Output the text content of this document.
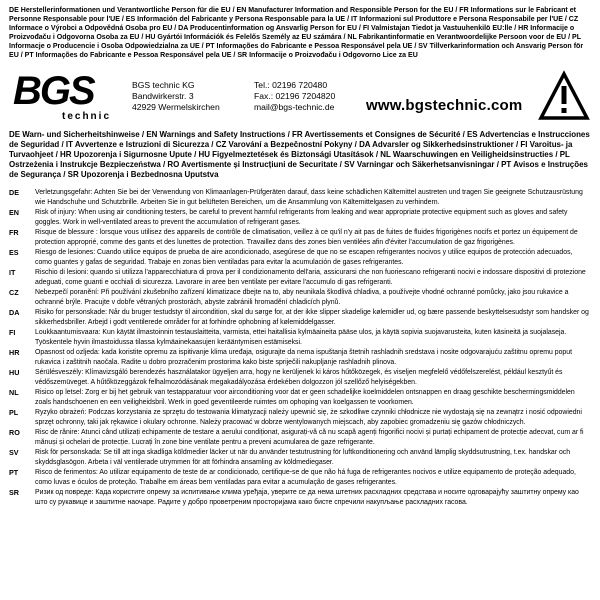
DE Herstellerinformationen und Verantwortliche Person für die EU / EN Manufacturer Information and Responsible Person for the EU / FR Informations sur le Fabricant et Personne Responsable pour l'UE / ES Información del Fabricante y Persona Responsable para la UE / IT Informazioni sul Produttore e Persona Responsabile per l'UE / CZ Informace o Výrobci a Odpovědná Osoba pro EU / DA Producentinformation og Ansvarlig Person for EU / FI Valmistajan Tiedot ja Vastuuhenkilö EU:lle / HR Informacije o Proizvođaču i Odgovorna Osoba za EU / HU Gyártói Információk és Felelős Személy az EU számára / NL Fabrikantinformatie en Verantwoordelijke Persoon voor de EU / PL Informacje o Producencie i Osoba Odpowiedzialna za UE / PT Informações do Fabricante e Pessoa Responsável pela UE / SV Tillverkarinformation och Ansvarig Person för EU / PT Informações do Fabricante e Pessoa Responsável pela UE / SR Informacije o Proizvođaču i Odgovorno Lice za EU
BGS
technic
BGS technic KG
Bandwirkerstr. 3
42929 Wermelskirchen
Tel.: 02196 720480
Fax.: 02196 7204820
mail@bgs-technic.de www.bgstechnic.com
DE Warn- und Sicherheitshinweise / EN Warnings and Safety Instructions / FR Avertissements et Consignes de Sécurité / ES Advertencias e Instrucciones de Seguridad / IT Avvertenze e Istruzioni di Sicurezza / CZ Varování a Bezpečnostní Pokyny / DA Advarsler og Sikkerhedsinstruktioner / FI Varoitus- ja Turvaohjeet / HR Upozorenja i Sigurnosne Upute / HU Figyelmeztetések és Biztonsági Utasítások / NL Waarschuwingen en Veiligheidsinstructies / PL Ostrzeżenia i Instrukcje Bezpieczeństwa / RO Avertismente și Instrucțiuni de Securitate / SV Varningar och Säkerhetsanvisningar / PT Avisos e Instruções de Segurança / SR Upozorenja i Bezbednosna Uputstva
DE	Verletzungsgefahr: Achten Sie bei der Verwendung von Klimaanlagen-Prüfgeräten darauf, dass keine schädlichen Kältemittel austreten und tragen Sie geeignete Schutzausrüstung wie Handschuhe und Schutzbrille. Arbeiten Sie in gut belüfteten Bereichen, um die Ansammlung von Kältemittelgasen zu verhindern.
EN	Risk of injury: When using air conditioning testers, be careful to prevent harmful refrigerants from leaking and wear appropriate protective equipment such as gloves and safety goggles. Work in well-ventilated areas to prevent the accumulation of refrigerant gases.
FR	Risque de blessure : lorsque vous utilisez des appareils de contrôle de climatisation, veillez à ce qu'il n'y ait pas de fuites de fluides frigorigènes nocifs et portez un équipement de protection approprié, comme des gants et des lunettes de protection. Travaillez dans des zones bien ventilées afin d'éviter l'accumulation de gaz frigorigènes.
ES	Riesgo de lesiones: Cuando utilice equipos de prueba de aire acondicionado, asegúrese de que no se escapen refrigerantes nocivos y utilice equipos de protección adecuados, como guantes y gafas de seguridad. Trabaje en zonas bien ventiladas para evitar la acumulación de gases refrigerantes.
IT	Rischio di lesioni: quando si utilizza l'apparecchiatura di prova per il condizionamento dell'aria, assicurarsi che non fuoriescano refrigeranti nocivi e indossare dispositivi di protezione adeguati, come guanti e occhiali di sicurezza. Lavorare in aree ben ventilate per evitare l'accumulo di gas refrigeranti.
CZ	Nebezpečí poranění: Při používání zkušebního zařízení klimatizace dbejte na to, aby neunikala škodlivá chladiva, a používejte vhodné ochranné pomůcky, jako jsou rukavice a ochranné brýle. Pracujte v dobře větraných prostorách, abyste zabránili hromadění chladicích plynů.
DA	Risiko for personskade: Når du bruger testudstyr til aircondition, skal du sørge for, at der ikke slipper skadelige kølemidler ud, og bære passende beskyttelsesudstyr som handsker og sikkerhedsbriller. Arbejd i godt ventilerede områder for at forhindre ophobning af kølemiddelgasser.
FI	Loukkaantumisvaara: Kun käytät ilmastoinnin testauslaitteita, varmista, ettei haitallisia kylmäaineita pääse ulos, ja käytä sopivia suojavarusteita, kuten käsineitä ja suojalaseja. Työskentele hyvin ilmastoidussa tilassa kylmäainekaasujen kerääntymisen estämiseksi.
HR	Opasnost od ozljeda: kada koristite opremu za ispitivanje klima uređaja, osigurajte da nema ispuštanja štetnih rashladnih sredstava i nosite odgovarajuću zaštitnu opremu poput rukavica i zaštitnih naočala. Radite u dobro prozračenim prostorima kako biste spriječili nakupljanje rashladnih plinova.
HU	Sérülésveszély: Klímavizsgáló berendezés használatakor ügyeljen arra, hogy ne kerüljenek ki káros hűtőközegek, és viseljen megfelelő védőfelszerelést, például kesztyűt és védőszemüveget. A hűtőközeggázok felhalmozódásának megakadályozása érdekében dolgozzon jól szellőző helyiségekben.
NL	Risico op letsel: Zorg er bij het gebruik van testapparatuur voor airconditioning voor dat er geen schadelijke koelmiddelen ontsnappen en draag geschikte beschermingsmiddelen zoals handschoenen en een veiligheidsbril. Werk in goed geventileerde ruimtes om ophoping van koelgassen te voorkomen.
PL	Ryzyko obrażeń: Podczas korzystania ze sprzętu do testowania klimatyzacji należy upewnić się, że szkodliwe czynniki chłodnicze nie wydostają się na zewnątrz i nosić odpowiedni sprzęt ochronny, taki jak rękawice i okulary ochronne. Należy pracować w dobrze wentylowanych miejscach, aby zapobiec gromadzeniu się gazów chłodniczych.
RO	Risc de rănire: Atunci când utilizați echipamente de testare a aerului condiționat, asigurați-vă că nu scapă agenți frigorifici nocivi și purtați echipament de protecție adecvat, cum ar fi mănuși și ochelari de protecție. Lucrați în zone bine ventilate pentru a preveni acumularea de gaze refrigerante.
SV	Risk för personskada: Se till att inga skadliga köldmedier läcker ut när du använder testutrustning för luftkonditionering och använd lämplig skyddsutrustning, t.ex. handskar och skyddsglasögon. Arbeta i väl ventilerade utrymmen för att förhindra ansamling av köldmediegaser.
PT	Risco de ferimentos: Ao utilizar equipamento de teste de ar condicionado, certifique-se de que não há fuga de refrigerantes nocivos e utilize equipamento de proteção adequado, como luvas e óculos de proteção. Trabalhe em áreas bem ventiladas para evitar a acumulação de gases refrigerantes.
SR	Ризик од повреде: Када користите опрему за испитивање клима уређаја, уверите се да нема штетних расхладних средстава и носите одговарајућу заштитну опрему као што су рукавице и заштитне наочаре. Радите у добро проветреним просторијама како бисте спречили накупљање расхладних гасова.
